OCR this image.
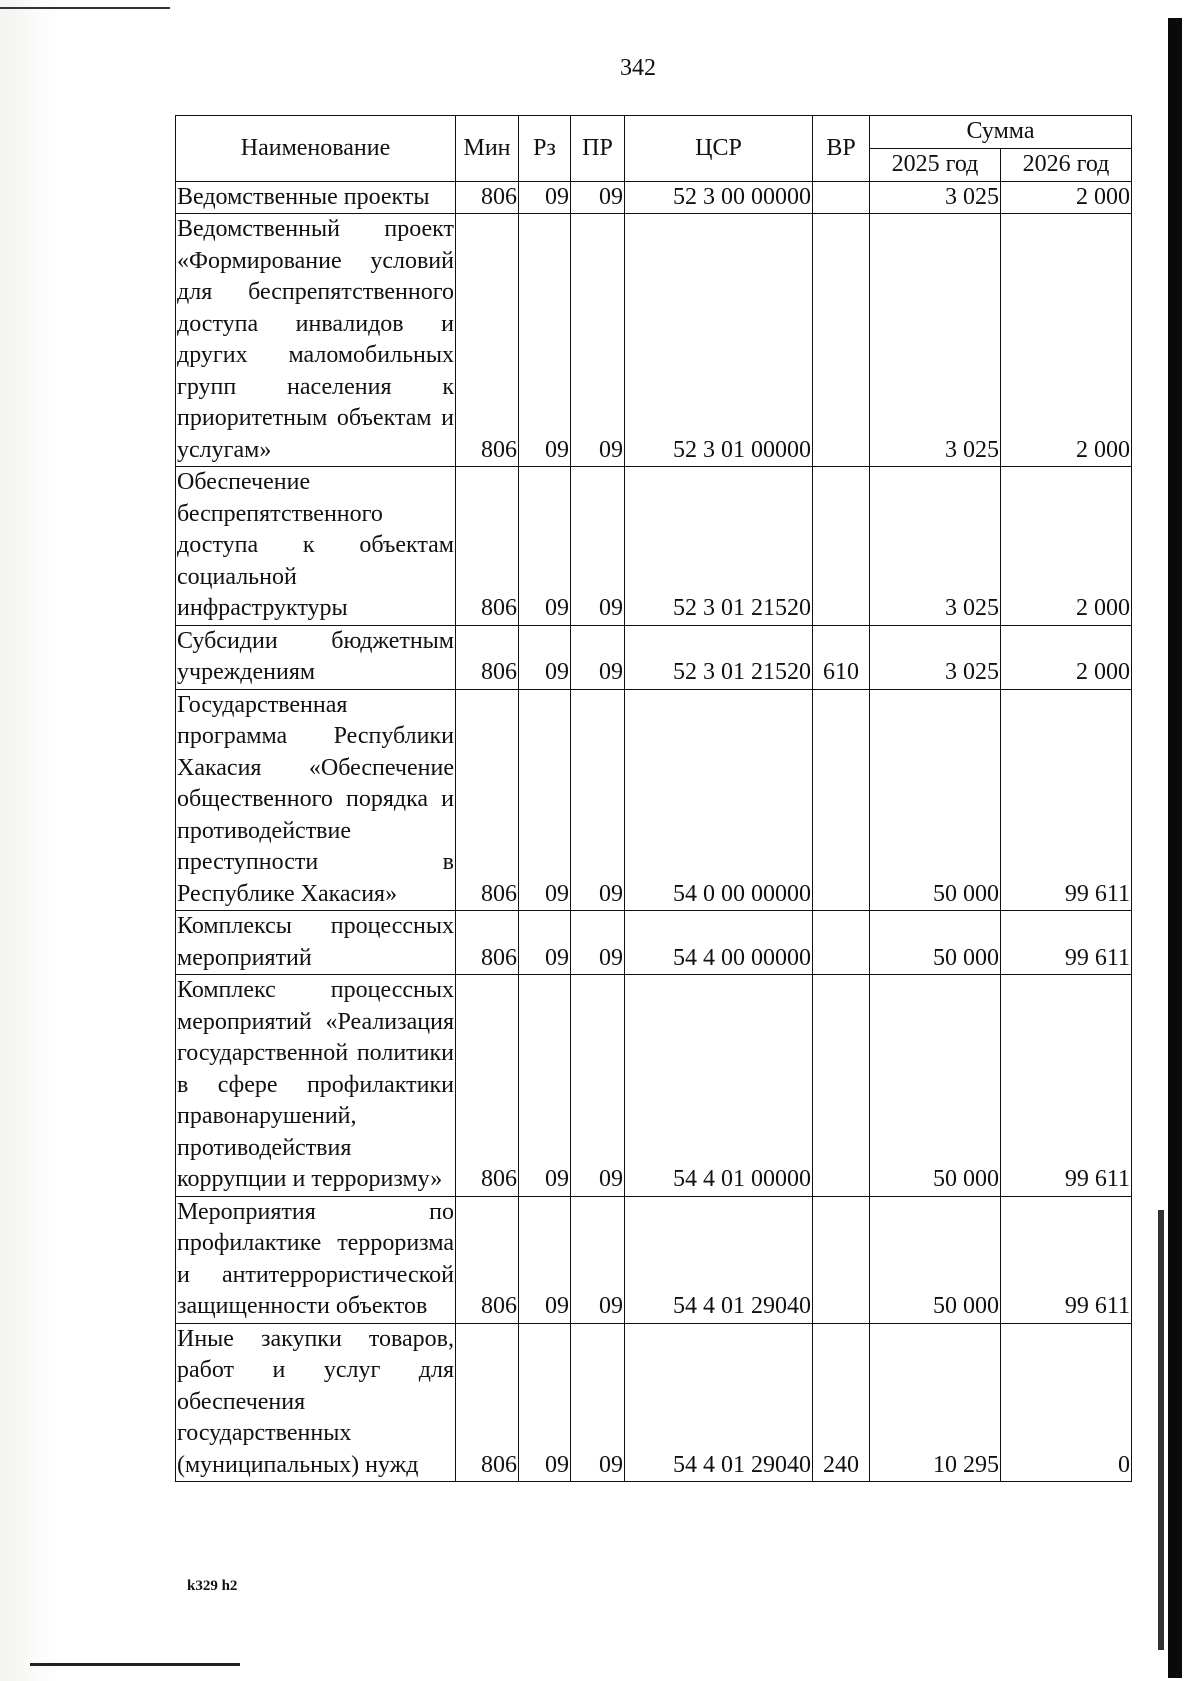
342
Наименование	Мин	Рз	ПР	ЦСР	ВР	Сумма	
						2025 год	2026 год
Ведомственные проекты	806	09	09	52 3 00 00000		3 025	2 000
Ведомственный проект «Формирование условий для беспрепятственного доступа инвалидов и других маломобильных групп населения к приоритетным объектам и услугам»	806	09	09	52 3 01 00000		3 025	2 000
Обеспечение беспрепятственного доступа к объектам социальной инфраструктуры	806	09	09	52 3 01 21520		3 025	2 000
Субсидии бюджетным учреждениям	806	09	09	52 3 01 21520	610	3 025	2 000
Государственная программа Республики Хакасия «Обеспечение общественного порядка и противодействие преступности в Республике Хакасия»	806	09	09	54 0 00 00000		50 000	99 611
Комплексы процессных мероприятий	806	09	09	54 4 00 00000		50 000	99 611
Комплекс процессных мероприятий «Реализация государственной политики в сфере профилактики правонарушений, противодействия коррупции и терроризму»	806	09	09	54 4 01 00000		50 000	99 611
Мероприятия по профилактике терроризма и антитеррористической защищенности объектов	806	09	09	54 4 01 29040		50 000	99 611
Иные закупки товаров, работ и услуг для обеспечения государственных (муниципальных) нужд	806	09	09	54 4 01 29040	240	10 295	0
k329 h2
